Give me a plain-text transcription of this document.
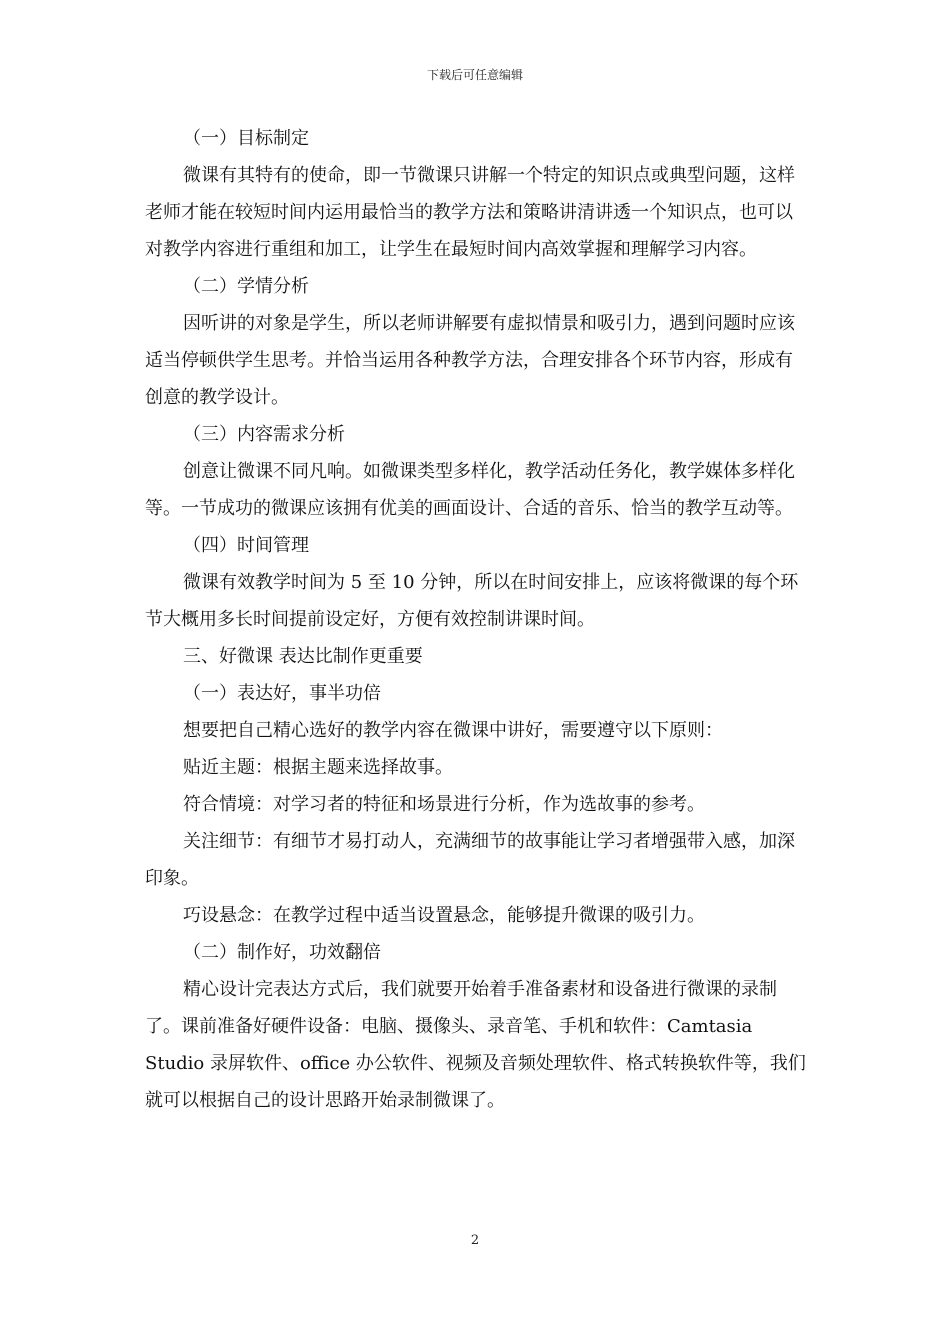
下载后可任意编辑

（一）目标制定

微课有其特有的使命，即一节微课只讲解一个特定的知识点或典型问题，这样老师才能在较短时间内运用最恰当的教学方法和策略讲清讲透一个知识点，也可以对教学内容进行重组和加工，让学生在最短时间内高效掌握和理解学习内容。

（二）学情分析

因听讲的对象是学生，所以老师讲解要有虚拟情景和吸引力，遇到问题时应该适当停顿供学生思考。并恰当运用各种教学方法，合理安排各个环节内容，形成有创意的教学设计。

（三）内容需求分析

创意让微课不同凡响。如微课类型多样化，教学活动任务化，教学媒体多样化等。一节成功的微课应该拥有优美的画面设计、合适的音乐、恰当的教学互动等。

（四）时间管理

微课有效教学时间为 5 至 10 分钟，所以在时间安排上，应该将微课的每个环节大概用多长时间提前设定好，方便有效控制讲课时间。

三、好微课 表达比制作更重要

（一）表达好，事半功倍

想要把自己精心选好的教学内容在微课中讲好，需要遵守以下原则：

贴近主题：根据主题来选择故事。

符合情境：对学习者的特征和场景进行分析，作为选故事的参考。

关注细节：有细节才易打动人，充满细节的故事能让学习者增强带入感，加深印象。

巧设悬念：在教学过程中适当设置悬念，能够提升微课的吸引力。

（二）制作好，功效翻倍

精心设计完表达方式后，我们就要开始着手准备素材和设备进行微课的录制了。课前准备好硬件设备：电脑、摄像头、录音笔、手机和软件：Camtasia Studio 录屏软件、office 办公软件、视频及音频处理软件、格式转换软件等，我们就可以根据自己的设计思路开始录制微课了。

2
